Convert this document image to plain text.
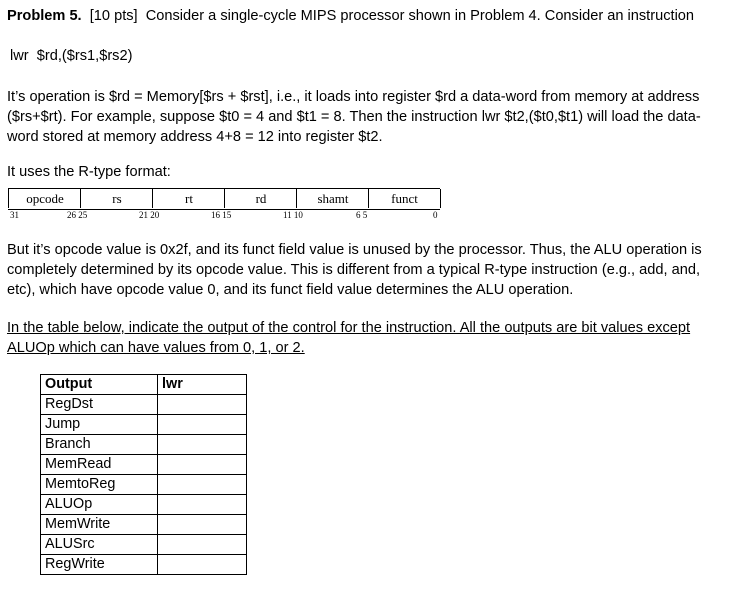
Problem 5. [10 pts] Consider a single-cycle MIPS processor shown in Problem 4. Consider an instruction
lwr  $rd,($rs1,$rs2)
It’s operation is $rd = Memory[$rs + $rst], i.e., it loads into register $rd a data-word from memory at address
($rs+$rt). For example, suppose $t0 = 4 and $t1 = 8. Then the instruction lwr $t2,($t0,$t1) will load the data-
word stored at memory address 4+8 = 12 into register $t2.
It uses the R-type format:
opcode	rs	rt	rd	shamt	funct
31	26 25	21 20	16 15	11 10	6 5	0
But it’s opcode value is 0x2f, and its funct field value is unused by the processor. Thus, the ALU operation is
completely determined by its opcode value. This is different from a typical R-type instruction (e.g., add, and,
etc), which have opcode value 0, and its funct field value determines the ALU operation.
In the table below, indicate the output of the control for the instruction. All the outputs are bit values except
ALUOp which can have values from 0, 1, or 2.
Output	lwr
RegDst	
Jump	
Branch	
MemRead	
MemtoReg	
ALUOp	
MemWrite	
ALUSrc	
RegWrite	
